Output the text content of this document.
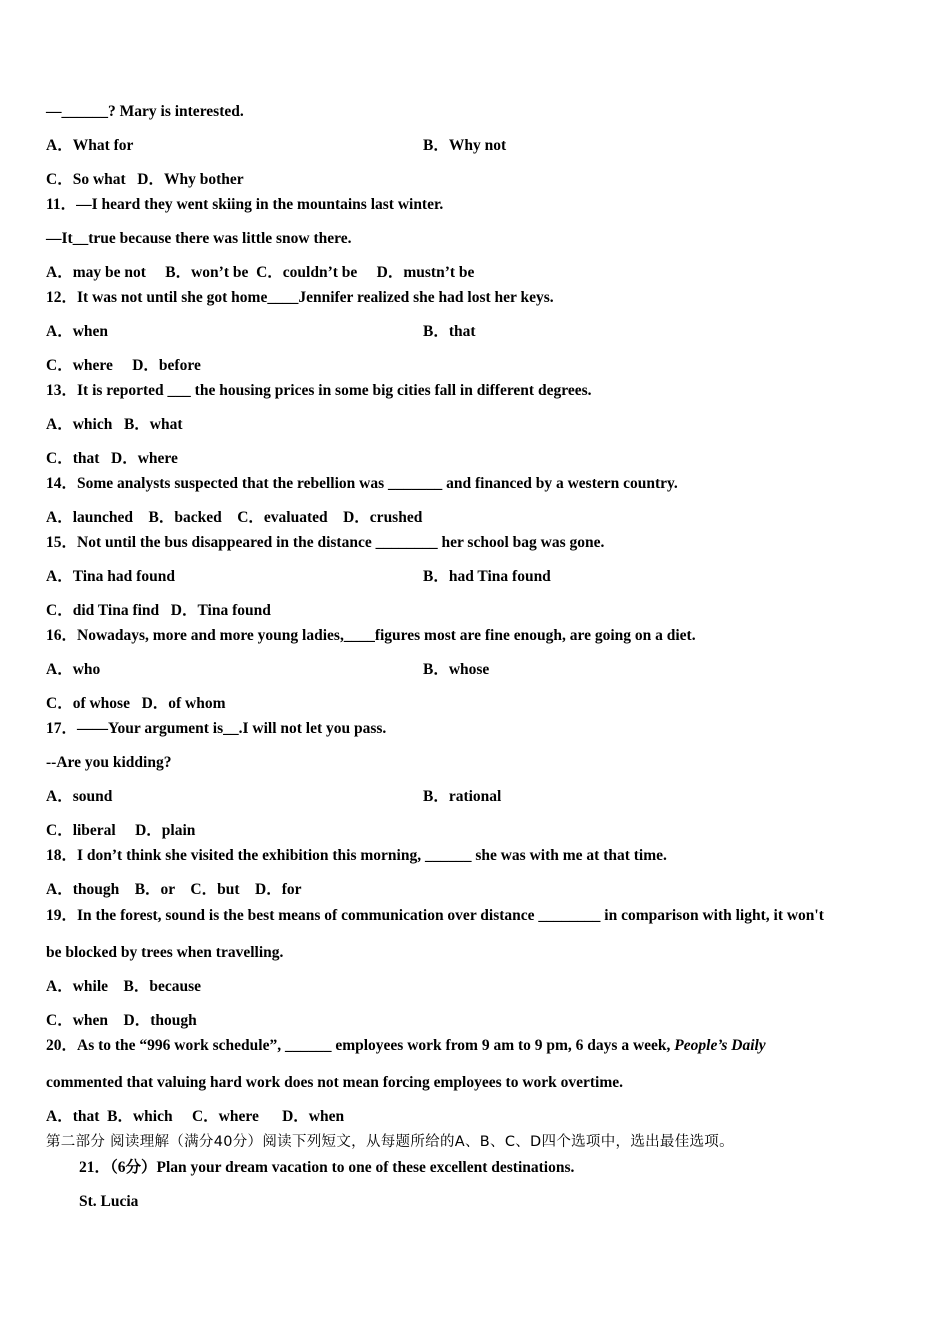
—______? Mary is interested.
A．What for	B．Why not
C．So what   D．Why bother
11．—I heard they went skiing in the mountains last winter.
—It__true because there was little snow there.
A．may be not     B．won’t be  C．couldn’t be     D．mustn’t be
12．It was not until she got home____Jennifer realized she had lost her keys.
A．when	B．that
C．where     D．before
13．It is reported ___ the housing prices in some big cities fall in different degrees.
A．which   B．what
C．that   D．where
14．Some analysts suspected that the rebellion was _______ and financed by a western country.
A．launched    B．backed    C．evaluated    D．crushed
15．Not until the bus disappeared in the distance ________ her school bag was gone.
A．Tina had found	B．had Tina found
C．did Tina find   D．Tina found
16．Nowadays, more and more young ladies,____figures most are fine enough, are going on a diet.
A．who	B．whose
C．of whose   D．of whom
17．——Your argument is__.I will not let you pass.
--Are you kidding?
A．sound	B．rational
C．liberal     D．plain
18．I don’t think she visited the exhibition this morning, ______ she was with me at that time.
A．though    B．or    C．but    D．for
19．In the forest, sound is the best means of communication over distance ________ in comparison with light, it won't
be blocked by trees when travelling.
A．while    B．because
C．when    D．though
20．As to the “996 work schedule”, ______ employees work from 9 am to 9 pm, 6 days a week, People’s Daily
commented that valuing hard work does not mean forcing employees to work overtime.
A．that  B．which     C．where      D．when
第二部分 阅读理解（满分40分）阅读下列短文，从每题所给的A、B、C、D四个选项中，选出最佳选项。
21．（6分）Plan your dream vacation to one of these excellent destinations.
St. Lucia
